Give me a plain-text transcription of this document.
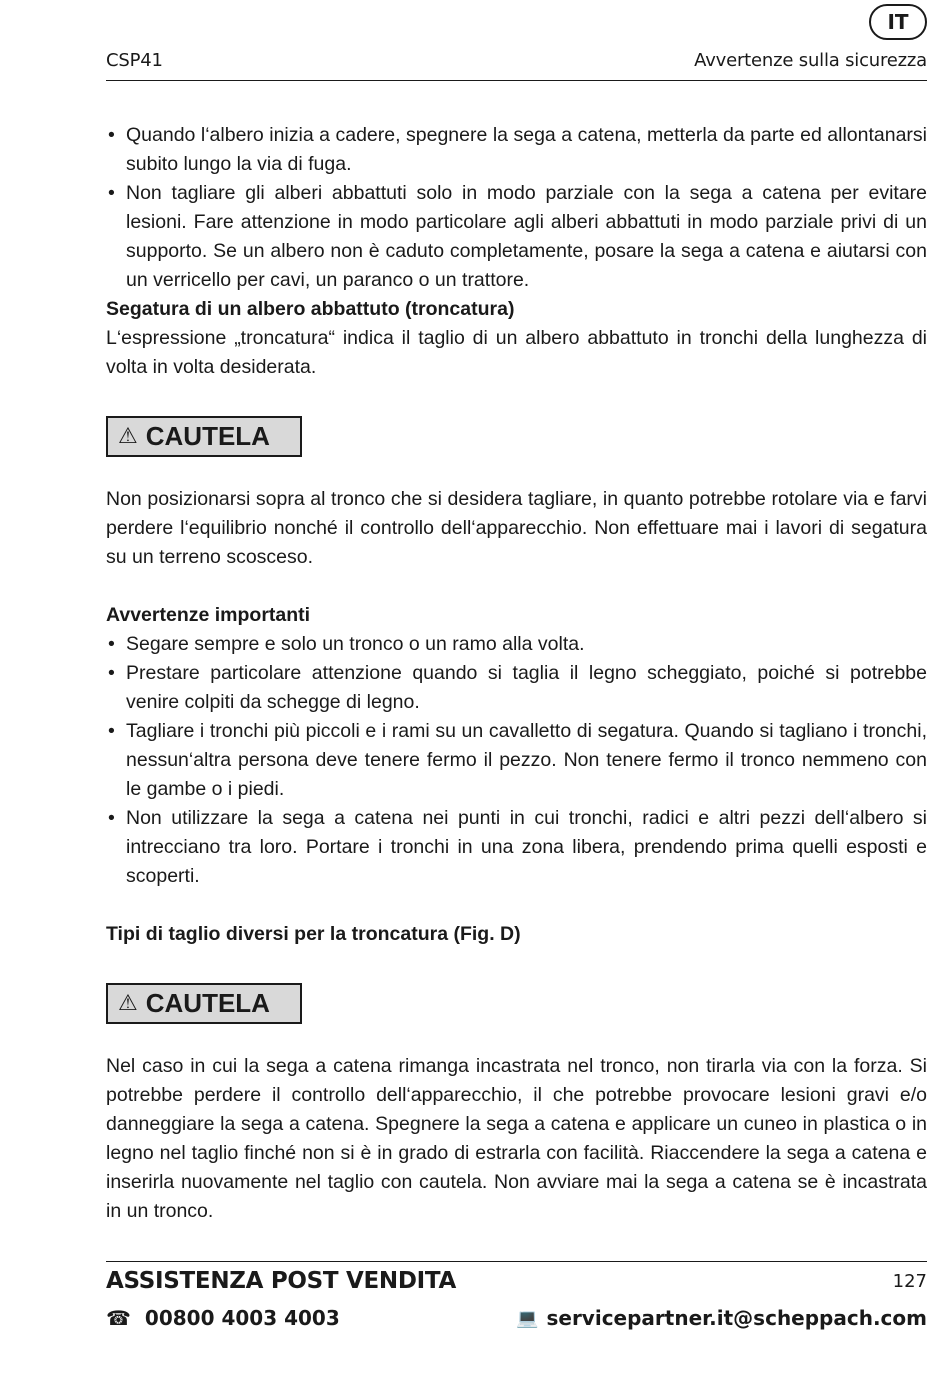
IT
CSP41	Avvertenze sulla sicurezza
• Quando l‘albero inizia a cadere, spegnere la sega a catena, metterla da parte ed allontanarsi subito lungo la via di fuga.
• Non tagliare gli alberi abbattuti solo in modo parziale con la sega a catena per evitare lesioni. Fare attenzione in modo particolare agli alberi abbattuti in modo parziale privi di un supporto. Se un albero non è caduto completamente, posare la sega a catena e aiutarsi con un verricello per cavi, un paranco o un trattore.

Segatura di un albero abbattuto (troncatura)

L‘espressione „troncatura“ indica il taglio di un albero abbattuto in tronchi della lunghezza di volta in volta desiderata.

⚠ CAUTELA

Non posizionarsi sopra al tronco che si desidera tagliare, in quanto potrebbe rotolare via e farvi perdere l‘equilibrio nonché il controllo dell‘apparecchio. Non effettuare mai i lavori di segatura su un terreno scosceso.

Avvertenze importanti

• Segare sempre e solo un tronco o un ramo alla volta.
• Prestare particolare attenzione quando si taglia il legno scheggiato, poiché si potrebbe venire colpiti da schegge di legno.
• Tagliare i tronchi più piccoli e i rami su un cavalletto di segatura. Quando si tagliano i tronchi, nessun‘altra persona deve tenere fermo il pezzo. Non tenere fermo il tronco nemmeno con le gambe o i piedi.
• Non utilizzare la sega a catena nei punti in cui tronchi, radici e altri pezzi dell‘albero si intrecciano tra loro. Portare i tronchi in una zona libera, prendendo prima quelli esposti e scoperti.

Tipi di taglio diversi per la troncatura (Fig. D)

⚠ CAUTELA

Nel caso in cui la sega a catena rimanga incastrata nel tronco, non tirarla via con la forza. Si potrebbe perdere il controllo dell‘apparecchio, il che potrebbe provocare lesioni gravi e/o danneggiare la sega a catena. Spegnere la sega a catena e applicare un cuneo in plastica o in legno nel taglio finché non si è in grado di estrarla con facilità. Riaccendere la sega a catena e inserirla nuovamente nel taglio con cautela. Non avviare mai la sega a catena se è incastrata in un tronco.

ASSISTENZA POST VENDITA	127
☎ 00800 4003 4003	💻 servicepartner.it@scheppach.com
